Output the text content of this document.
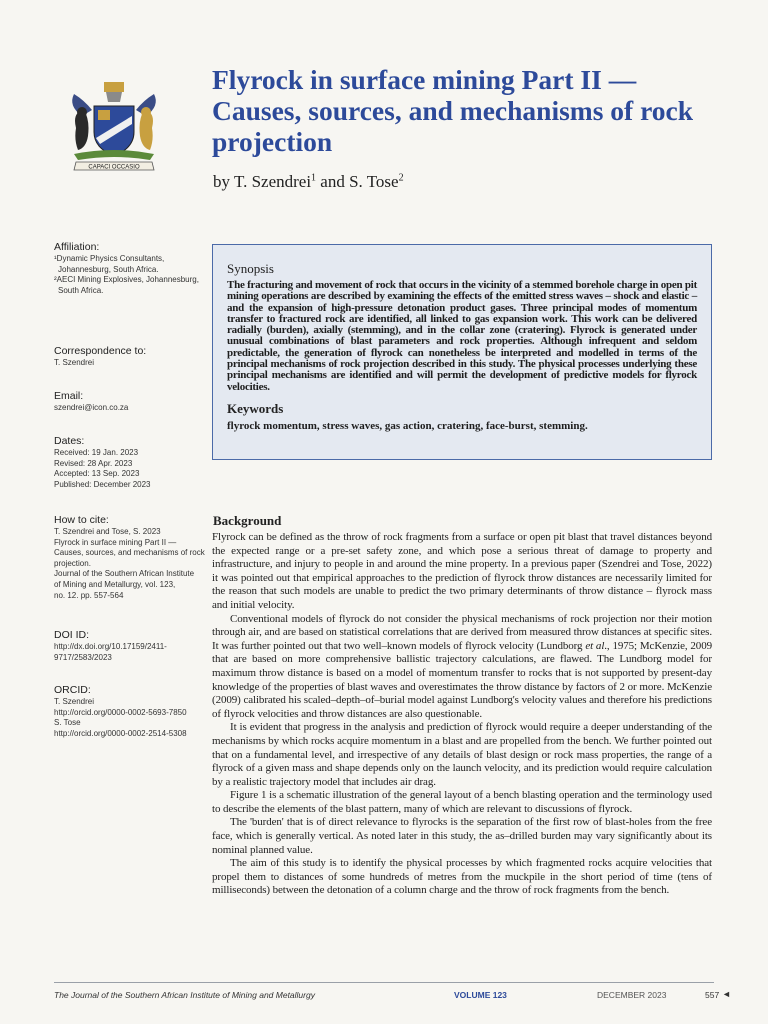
CAPACI OCCASIO
Flyrock in surface mining Part II — Causes, sources, and mechanisms of rock projection
by T. Szendrei$^1$ and S. Tose$^2$
Affiliation:
¹Dynamic Physics Consultants,
Johannesburg, South Africa.
²AECI Mining Explosives, Johannesburg,
South Africa.
Correspondence to:
T. Szendrei
Email:
szendrei@icon.co.za
Dates:
Received: 19 Jan. 2023
Revised: 28 Apr. 2023
Accepted: 13 Sep. 2023
Published: December 2023
How to cite:
T. Szendrei and Tose, S. 2023
Flyrock in surface mining Part II —
Causes, sources, and mechanisms of rock
projection.
Journal of the Southern African Institute
of Mining and Metallurgy, vol. 123,
no. 12. pp. 557-564
DOI ID:
http://dx.doi.org/10.17159/2411-
9717/2583/2023
ORCID:
T. Szendrei
http://orcid.org/0000-0002-5693-7850
S. Tose
http://orcid.org/0000-0002-2514-5308
Synopsis

The fracturing and movement of rock that occurs in the vicinity of a stemmed borehole charge in open pit mining operations are described by examining the effects of the emitted stress waves – shock and elastic – and the expansion of high-pressure detonation product gases. Three principal modes of momentum transfer to fractured rock are identified, all linked to gas expansion work. This work can be delivered radially (burden), axially (stemming), and in the collar zone (cratering). Flyrock is generated under unusual combinations of blast parameters and rock properties. Although infrequent and seldom predictable, the generation of flyrock can nonetheless be interpreted and modelled in terms of the principal mechanisms of rock projection described in this study. The physical processes underlying these principal mechanisms are identified and will permit the development of predictive models for flyrock velocities.

Keywords

flyrock momentum, stress waves, gas action, cratering, face-burst, stemming.

Background

Flyrock can be defined as the throw of rock fragments from a surface or open pit blast that travel distances beyond the expected range or a pre-set safety zone, and which pose a serious threat of damage to property and infrastructure, and injury to people in and around the mine property. In a previous paper (Szendrei and Tose, 2022) it was pointed out that empirical approaches to the prediction of flyrock throw distances are necessarily limited for the reason that such models are unable to predict the two primary determinants of throw distance – flyrock mass and initial velocity.

Conventional models of flyrock do not consider the physical mechanisms of rock projection nor their motion through air, and are based on statistical correlations that are derived from measured throw distances at specific sites. It was further pointed out that two well–known models of flyrock velocity (Lundborg et al., 1975; McKenzie, 2009 that are based on more comprehensive ballistic trajectory calculations, are flawed. The Lundborg model for maximum throw distance is based on a model of momentum transfer to rocks that is not supported by present-day knowledge of the properties of blast waves and overestimates the throw distance by factors of 2 or more. McKenzie (2009) calibrated his scaled–depth–of–burial model against Lundborg's velocity values and therefore his predictions of flyrock velocities and throw distances are also questionable.

It is evident that progress in the analysis and prediction of flyrock would require a deeper understanding of the mechanisms by which rocks acquire momentum in a blast and are propelled from the bench. We further pointed out that on a fundamental level, and irrespective of any details of blast design or rock mass properties, the range of a flyrock of a given mass and shape depends only on the launch velocity, and its prediction would require calculation by a realistic trajectory model that includes air drag.

Figure 1 is a schematic illustration of the general layout of a bench blasting operation and the terminology used to describe the elements of the blast pattern, many of which are relevant to discussions of flyrock.

The 'burden' that is of direct relevance to flyrocks is the separation of the first row of blast-holes from the free face, which is generally vertical. As noted later in this study, the as–drilled burden may vary significantly about its nominal planned value.

The aim of this study is to identify the physical processes by which fragmented rocks acquire velocities that propel them to distances of some hundreds of metres from the muckpile in the short period of time (tens of milliseconds) between the detonation of a column charge and the throw of rock fragments from the bench.

The Journal of the Southern African Institute of Mining and Metallurgy	VOLUME 123	DECEMBER 2023	557 ◄
